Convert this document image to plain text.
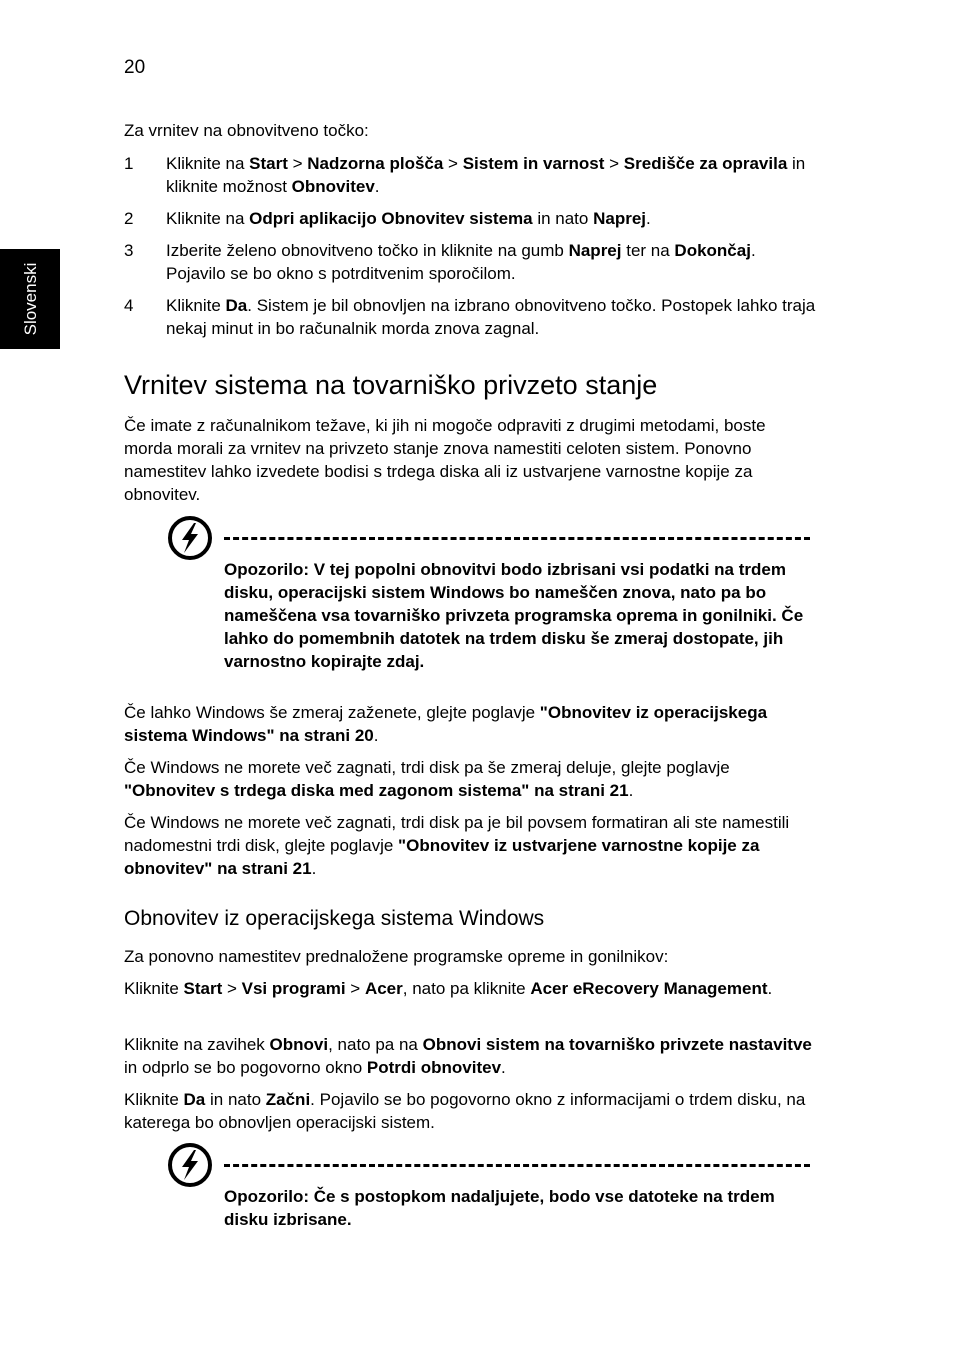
20
Slovenski

Za vrnitev na obnovitveno točko:

1 Kliknite na Start > Nadzorna plošča > Sistem in varnost > Središče za opravila in kliknite možnost Obnovitev.
2 Kliknite na Odpri aplikacijo Obnovitev sistema in nato Naprej.
3 Izberite želeno obnovitveno točko in kliknite na gumb Naprej ter na Dokončaj. Pojavilo se bo okno s potrditvenim sporočilom.
4 Kliknite Da. Sistem je bil obnovljen na izbrano obnovitveno točko. Postopek lahko traja nekaj minut in bo računalnik morda znova zagnal.
Vrnitev sistema na tovarniško privzeto stanje

Če imate z računalnikom težave, ki jih ni mogoče odpraviti z drugimi metodami, boste morda morali za vrnitev na privzeto stanje znova namestiti celoten sistem. Ponovno namestitev lahko izvedete bodisi s trdega diska ali iz ustvarjene varnostne kopije za obnovitev.

Opozorilo: V tej popolni obnovitvi bodo izbrisani vsi podatki na trdem disku, operacijski sistem Windows bo nameščen znova, nato pa bo nameščena vsa tovarniško privzeta programska oprema in gonilniki. Če lahko do pomembnih datotek na trdem disku še zmeraj dostopate, jih varnostno kopirajte zdaj.

Če lahko Windows še zmeraj zaženete, glejte poglavje "Obnovitev iz operacijskega sistema Windows" na strani 20.

Če Windows ne morete več zagnati, trdi disk pa še zmeraj deluje, glejte poglavje "Obnovitev s trdega diska med zagonom sistema" na strani 21.

Če Windows ne morete več zagnati, trdi disk pa je bil povsem formatiran ali ste namestili nadomestni trdi disk, glejte poglavje "Obnovitev iz ustvarjene varnostne kopije za obnovitev" na strani 21.

Obnovitev iz operacijskega sistema Windows

Za ponovno namestitev prednaložene programske opreme in gonilnikov:

Kliknite Start > Vsi programi > Acer, nato pa kliknite Acer eRecovery Management.

Kliknite na zavihek Obnovi, nato pa na Obnovi sistem na tovarniško privzete nastavitve in odprlo se bo pogovorno okno Potrdi obnovitev.

Kliknite Da in nato Začni. Pojavilo se bo pogovorno okno z informacijami o trdem disku, na katerega bo obnovljen operacijski sistem.

Opozorilo: Če s postopkom nadaljujete, bodo vse datoteke na trdem disku izbrisane.
